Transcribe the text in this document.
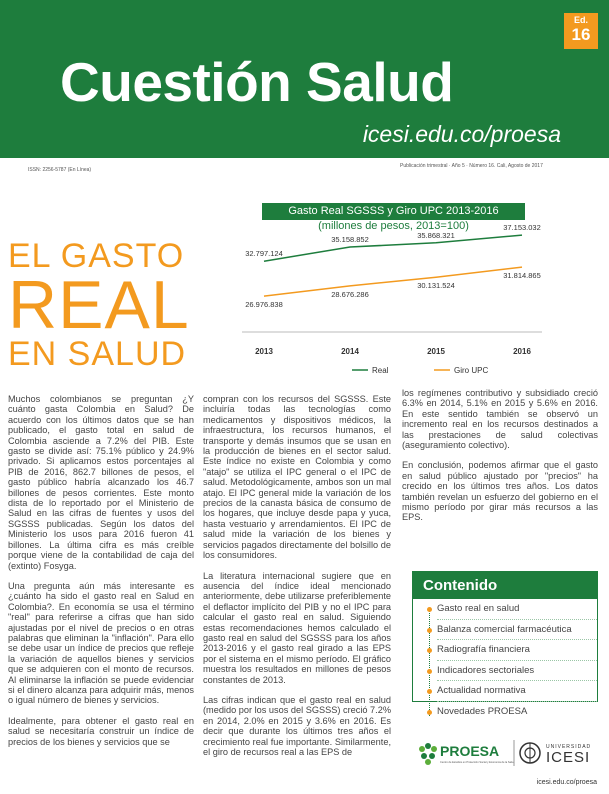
Ed.
16
Cuestión Salud
icesi.edu.co/proesa
ISSN: 2256-5787 (En Línea)
Publicación trimestral · Año 5 · Número 16. Cali, Agosto de 2017
EL GASTO
REAL
EN SALUD
Gasto Real SGSSS y Giro UPC 2013-2016
(millones de pesos, 2013=100)
2013	2014	2015	2016
32.797.124
35.158.852	35.868.321
37.153.032
26.976.838
28.676.286
30.131.524
31.814.865
Real	Giro UPC

Muchos colombianos se preguntan ¿Y cuánto gasta Colombia en Salud? De acuerdo con los últimos datos que se han publicado, el gasto total en salud de Colombia asciende a 7.2% del PIB. Este gasto se divide así: 75.1% público y 24.9% privado. Si aplicamos estos porcentajes al PIB de 2016, 862.7 billones de pesos, el gasto público habría alcanzado los 46.7 billones de pesos corrientes. Este monto dista de lo reportado por el Ministerio de Salud en las cifras de fuentes y usos del SGSSS publicadas. Según los datos del Ministerio los usos para 2016 fueron 41 billones. La última cifra es más creíble porque viene de la contabilidad de caja del (extinto) Fosyga.

Una pregunta aún más interesante es ¿cuánto ha sido el gasto real en Salud en Colombia?. En economía se usa el término "real" para referirse a cifras que han sido ajustadas por el nivel de precios o en otras palabras que eliminan la "inflación". Para ello se debe usar un índice de precios que refleje la variación de aquellos bienes y servicios que se adquieren con el monto de recursos. Al eliminarse la inflación se puede evidenciar si el dinero alcanza para adquirir más, menos o igual número de bienes y servicios.

Idealmente, para obtener el gasto real en salud se necesitaría construir un índice de precios de los bienes y servicios que se

compran con los recursos del SGSSS. Este incluiría todas las tecnologías como medicamentos y dispositivos médicos, la infraestructura, los recursos humanos, el transporte y demás insumos que se usan en la producción de bienes en el sector salud. Este índice no existe en Colombia y como "atajo" se utiliza el IPC general o el IPC de salud. Metodológicamente, ambos son un mal atajo. El IPC general mide la variación de los precios de la canasta básica de consumo de los hogares, que incluye desde papa y yuca, hasta vestuario y arrendamientos. El IPC de salud mide la variación de los bienes y servicios pagados directamente del bolsillo de los consumidores.

La literatura internacional sugiere que en ausencia del índice ideal mencionado anteriormente, debe utilizarse preferiblemente el deflactor implícito del PIB y no el IPC para calcular el gasto real en salud. Siguiendo estas recomendaciones hemos calculado el gasto real en salud del SGSSS para los años 2013-2016 y el gasto real girado a las EPS por el sistema en el mismo período. El gráfico muestra los resultados en millones de pesos constantes de 2013.

Las cifras indican que el gasto real en salud (medido por los usos del SGSSS) creció 7.2% en 2014, 2.0% en 2015 y 3.6% en 2016. Es decir que durante los últimos tres años el crecimiento real fue importante. Similarmente, el giro de recursos real a las EPS de

los regímenes contributivo y subsidiado creció 6.3% en 2014, 5.1% en 2015 y 5.6% en 2016. En este sentido también se observó un incremento real en los recursos destinados a las prestaciones de salud colectivas (aseguramiento colectivo).

En conclusión, podemos afirmar que el gasto en salud público ajustado por "precios" ha crecido en los últimos tres años. Los datos también revelan un esfuerzo del gobierno en el mismo período por girar más recursos a las EPS.

Contenido
Gasto real en salud
Balanza comercial farmacéutica
Radiografía financiera
Indicadores sectoriales
Actualidad normativa
Novedades PROESA
PROESA
Centro de Estudios en Protección Social y Economía de la Salud
UNIVERSIDAD
ICESI
icesi.edu.co/proesa
